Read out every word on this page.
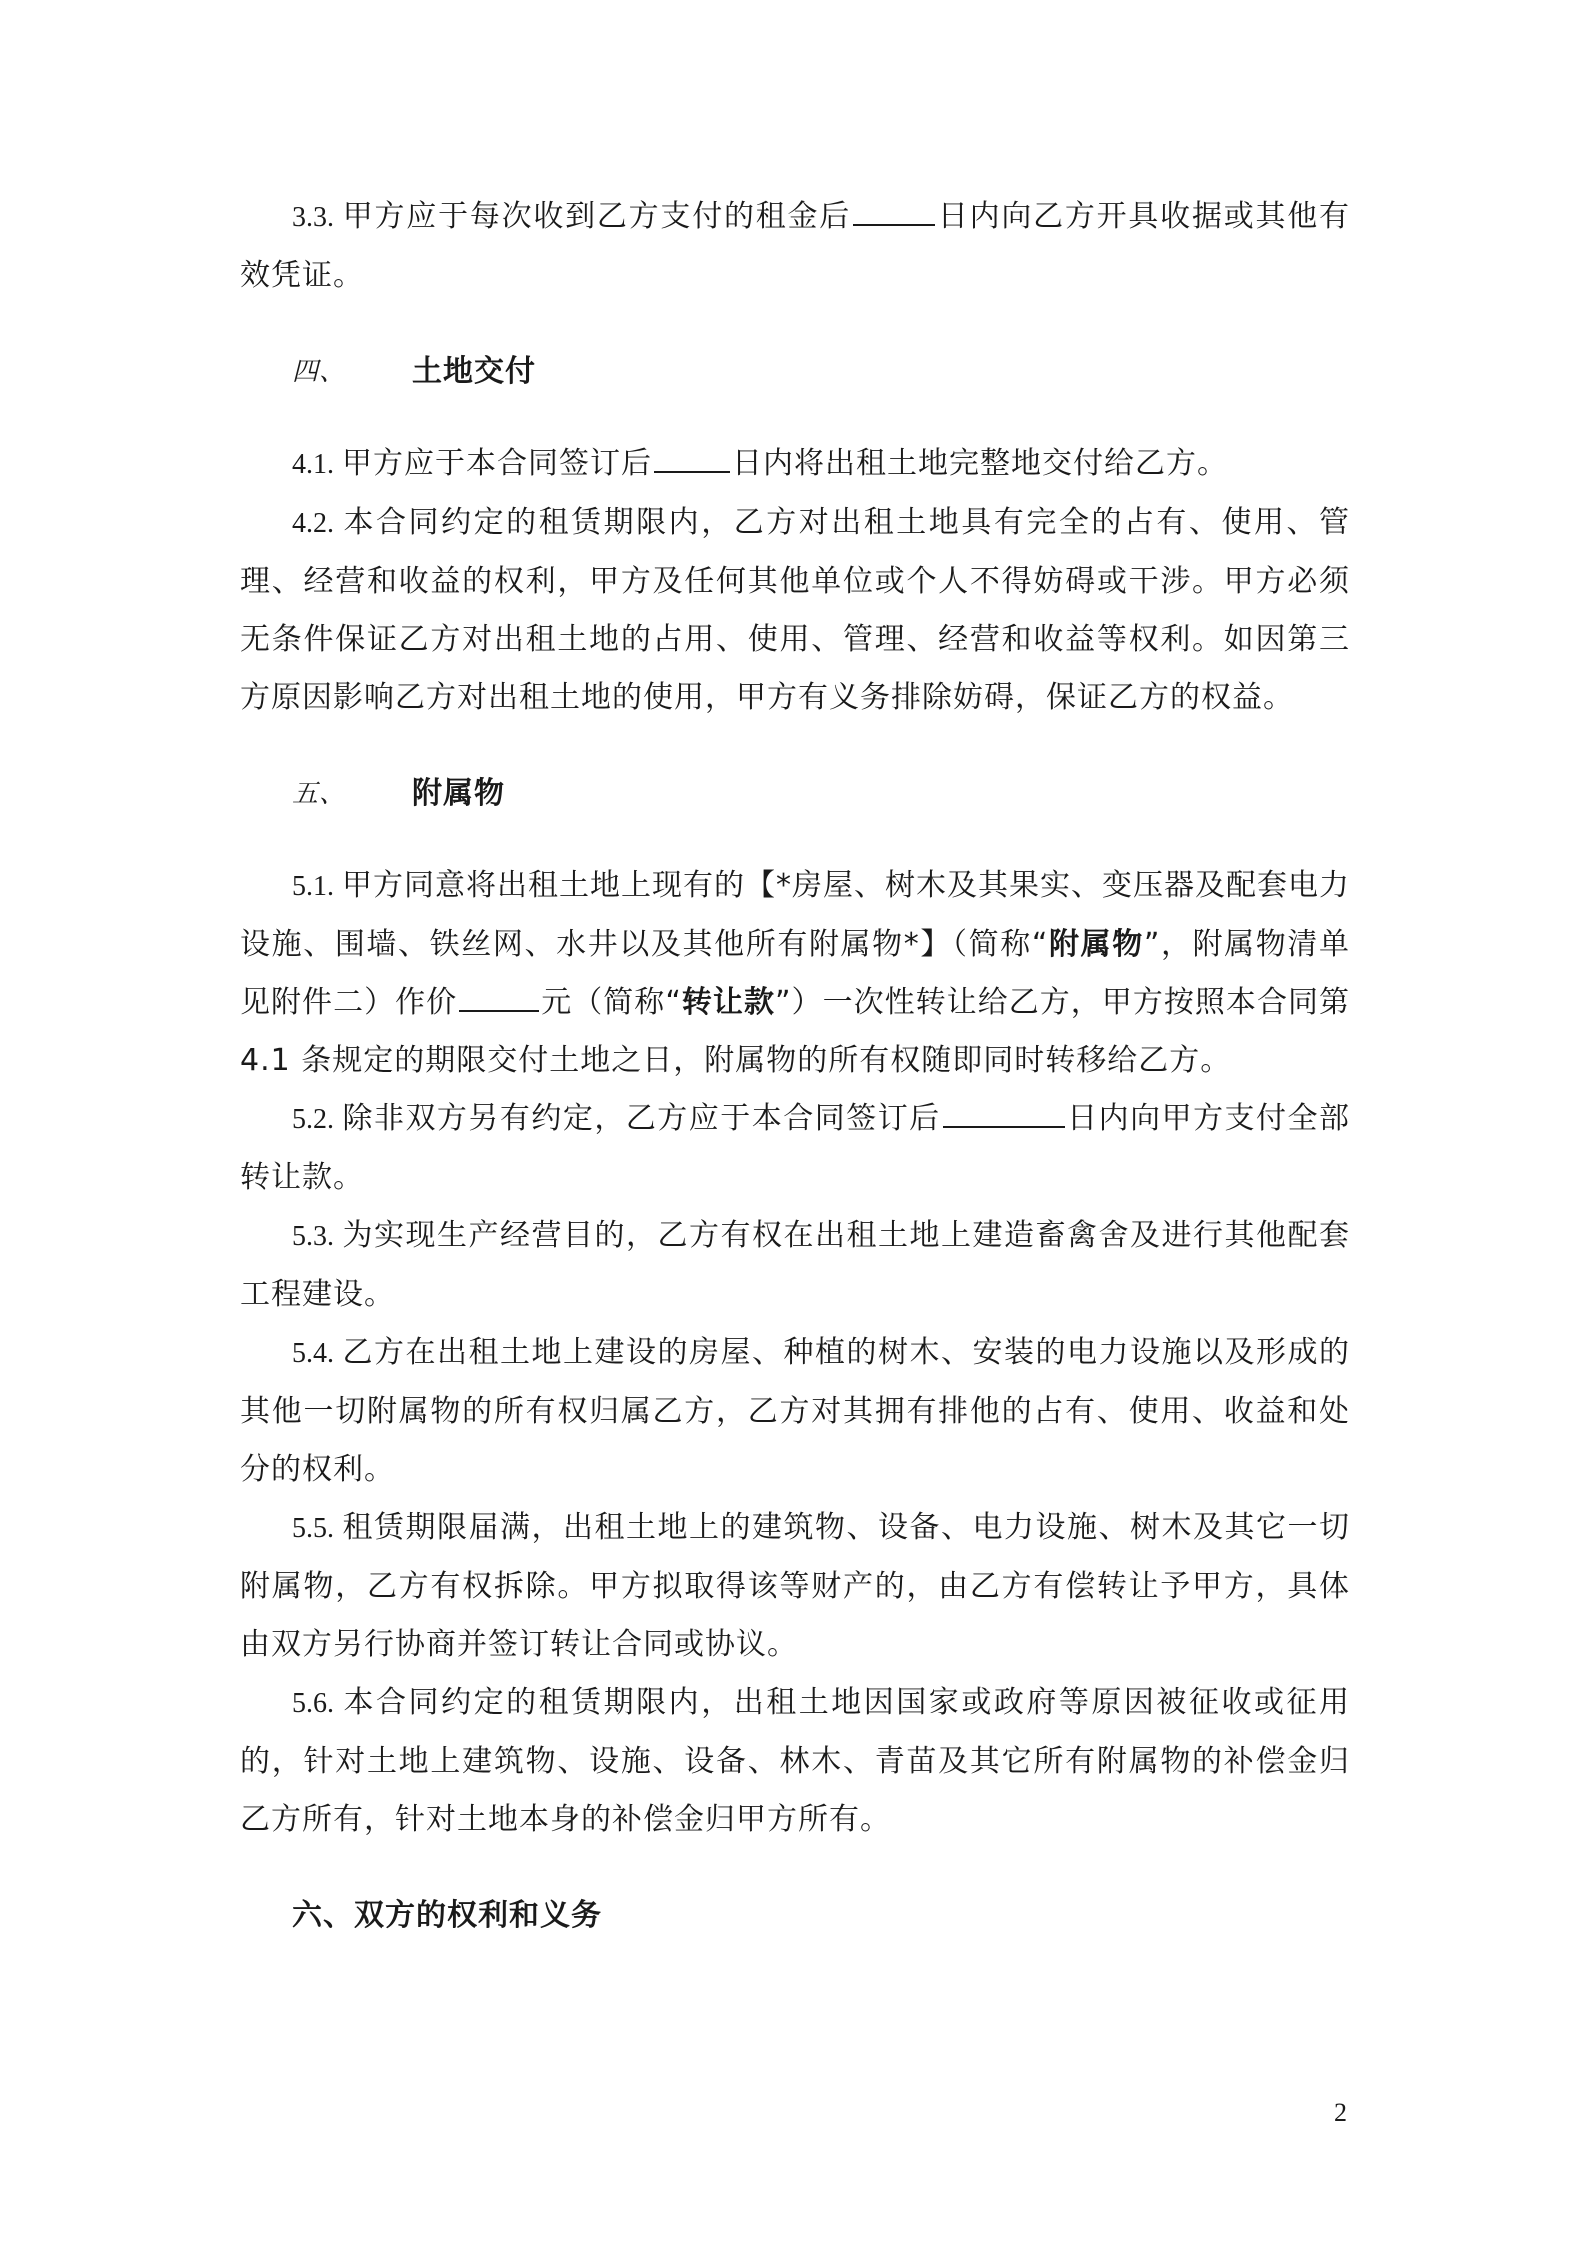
3.3. 甲方应于每次收到乙方支付的租金后	日内向乙方开具收据或其他有效凭证。

四、	土地交付

4.1. 甲方应于本合同签订后	日内将出租土地完整地交付给乙方。

4.2. 本合同约定的租赁期限内，乙方对出租土地具有完全的占有、使用、管理、经营和收益的权利，甲方及任何其他单位或个人不得妨碍或干涉。甲方必须无条件保证乙方对出租土地的占用、使用、管理、经营和收益等权利。如因第三方原因影响乙方对出租土地的使用，甲方有义务排除妨碍，保证乙方的权益。

五、	附属物

5.1. 甲方同意将出租土地上现有的【*房屋、树木及其果实、变压器及配套电力设施、围墙、铁丝网、水井以及其他所有附属物*】（简称“附属物”，附属物清单见附件二）作价	元（简称“转让款”）一次性转让给乙方，甲方按照本合同第 4.1 条规定的期限交付土地之日，附属物的所有权随即同时转移给乙方。

5.2. 除非双方另有约定，乙方应于本合同签订后	日内向甲方支付全部转让款。

5.3. 为实现生产经营目的，乙方有权在出租土地上建造畜禽舍及进行其他配套工程建设。

5.4. 乙方在出租土地上建设的房屋、种植的树木、安装的电力设施以及形成的其他一切附属物的所有权归属乙方，乙方对其拥有排他的占有、使用、收益和处分的权利。

5.5. 租赁期限届满，出租土地上的建筑物、设备、电力设施、树木及其它一切附属物，乙方有权拆除。甲方拟取得该等财产的，由乙方有偿转让予甲方，具体由双方另行协商并签订转让合同或协议。

5.6. 本合同约定的租赁期限内，出租土地因国家或政府等原因被征收或征用的，针对土地上建筑物、设施、设备、林木、青苗及其它所有附属物的补偿金归乙方所有，针对土地本身的补偿金归甲方所有。

六、双方的权利和义务
2
